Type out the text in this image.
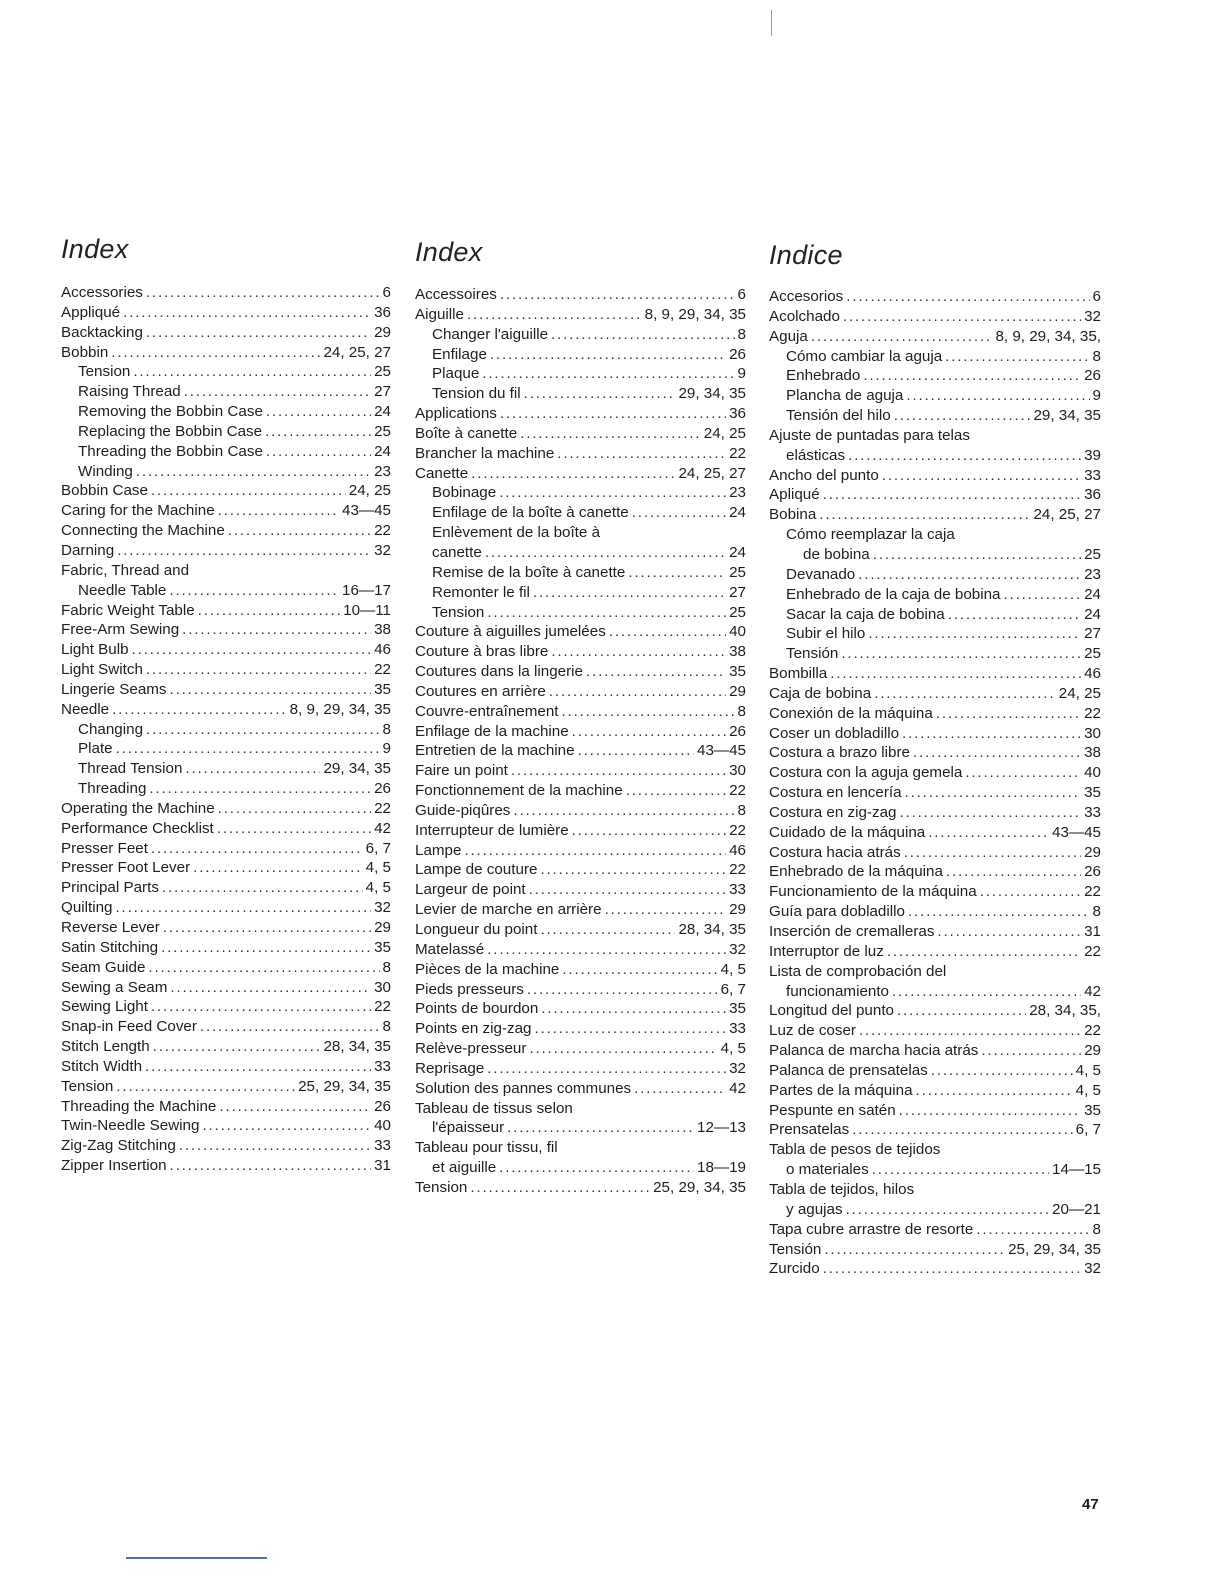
Index
Accessories . . .	6
Appliqué . . .	36
Backtacking . . .	29
Bobbin . . .	24, 25, 27
Tension . . .	25
Raising Thread . . .	27
Removing the Bobbin Case . . .	24
Replacing the Bobbin Case . . .	25
Threading the Bobbin Case . . .	24
Winding . . .	23
Bobbin Case . . .	24, 25
Caring for the Machine . . .	43—45
Connecting the Machine . . .	22
Darning . . .	32
Fabric, Thread and
Needle Table . . .	16—17
Fabric Weight Table . . .	10—11
Free-Arm Sewing . . .	38
Light Bulb . . .	46
Light Switch . . .	22
Lingerie Seams . . .	35
Needle . . .	8, 9, 29, 34, 35
Changing . . .	8
Plate . . .	9
Thread Tension . . .	29, 34, 35
Threading . . .	26
Operating the Machine . . .	22
Performance Checklist . . .	42
Presser Feet . . .	6, 7
Presser Foot Lever . . .	4, 5
Principal Parts . . .	4, 5
Quilting . . .	32
Reverse Lever . . .	29
Satin Stitching . . .	35
Seam Guide . . .	8
Sewing a Seam . . .	30
Sewing Light . . .	22
Snap-in Feed Cover . . .	8
Stitch Length . . .	28, 34, 35
Stitch Width . . .	33
Tension . . .	25, 29, 34, 35
Threading the Machine . . .	26
Twin-Needle Sewing . . .	40
Zig-Zag Stitching . . .	33
Zipper Insertion . . .	31
Index
Accessoires . . .	6
Aiguille . . .	8, 9, 29, 34, 35
Changer l'aiguille . . .	8
Enfilage . . .	26
Plaque . . .	9
Tension du fil . . .	29, 34, 35
Applications . . .	36
Boîte à canette . . .	24, 25
Brancher la machine . . .	22
Canette . . .	24, 25, 27
Bobinage . . .	23
Enfilage de la boîte à canette . . .	24
Enlèvement de la boîte à
canette . . .	24
Remise de la boîte à canette . . .	25
Remonter le fil . . .	27
Tension . . .	25
Couture à aiguilles jumelées . . .	40
Couture à bras libre . . .	38
Coutures dans la lingerie . . .	35
Coutures en arrière . . .	29
Couvre-entraînement . . .	8
Enfilage de la machine . . .	26
Entretien de la machine . . .	43—45
Faire un point . . .	30
Fonctionnement de la machine . . .	22
Guide-piqûres . . .	8
Interrupteur de lumière . . .	22
Lampe . . .	46
Lampe de couture . . .	22
Largeur de point . . .	33
Levier de marche en arrière . . .	29
Longueur du point . . .	28, 34, 35
Matelassé . . .	32
Pièces de la machine . . .	4, 5
Pieds presseurs . . .	6, 7
Points de bourdon . . .	35
Points en zig-zag . . .	33
Relève-presseur . . .	4, 5
Reprisage . . .	32
Solution des pannes communes . . .	42
Tableau de tissus selon
l'épaisseur . . .	12—13
Tableau pour tissu, fil
et aiguille . . .	18—19
Tension . . .	25, 29, 34, 35
Indice
Accesorios . . .	6
Acolchado . . .	32
Aguja . . .	8, 9, 29, 34, 35,
Cómo cambiar la aguja . . .	8
Enhebrado . . .	26
Plancha de aguja . . .	9
Tensión del hilo . . .	29, 34, 35
Ajuste de puntadas para telas
elásticas . . .	39
Ancho del punto . . .	33
Apliqué . . .	36
Bobina . . .	24, 25, 27
Cómo reemplazar la caja
de bobina . . .	25
Devanado . . .	23
Enhebrado de la caja de bobina . . .	24
Sacar la caja de bobina . . .	24
Subir el hilo . . .	27
Tensión . . .	25
Bombilla . . .	46
Caja de bobina . . .	24, 25
Conexión de la máquina . . .	22
Coser un dobladillo . . .	30
Costura a brazo libre . . .	38
Costura con la aguja gemela . . .	40
Costura en lencería . . .	35
Costura en zig-zag . . .	33
Cuidado de la máquina . . .	43—45
Costura hacia atrás . . .	29
Enhebrado de la máquina . . .	26
Funcionamiento de la máquina . . .	22
Guía para dobladillo . . .	8
Inserción de cremalleras . . .	31
Interruptor de luz . . .	22
Lista de comprobación del
funcionamiento . . .	42
Longitud del punto . . .	28, 34, 35,
Luz de coser . . .	22
Palanca de marcha hacia atrás . . .	29
Palanca de prensatelas . . .	4, 5
Partes de la máquina . . .	4, 5
Pespunte en satén . . .	35
Prensatelas . . .	6, 7
Tabla de pesos de tejidos
o materiales . . .	14—15
Tabla de tejidos, hilos
y agujas . . .	20—21
Tapa cubre arrastre de resorte . . .	8
Tensión . . .	25, 29, 34, 35
Zurcido . . .	32
47
